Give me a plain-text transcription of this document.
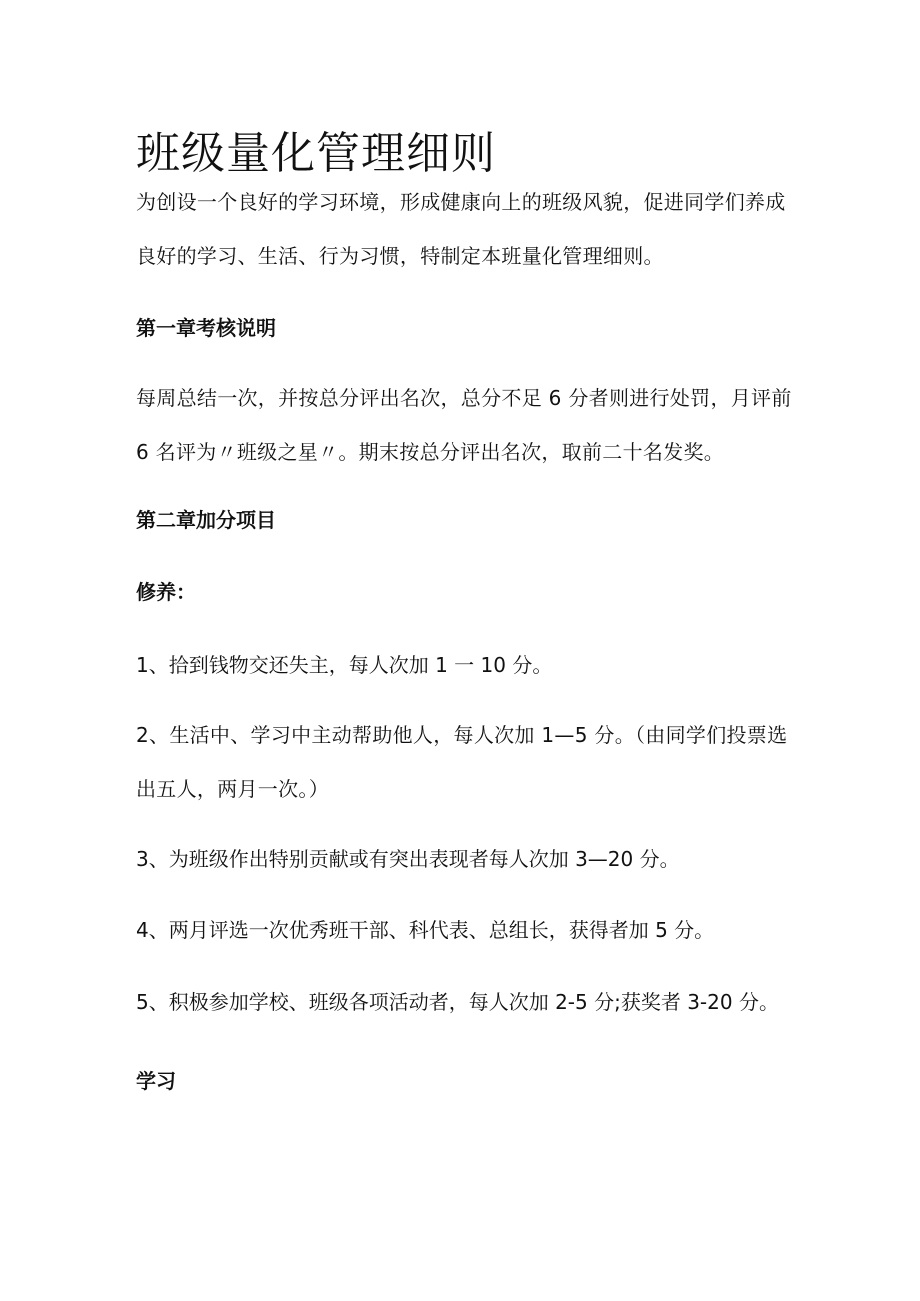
班级量化管理细则

为创设一个良好的学习环境，形成健康向上的班级风貌，促进同学们养成良好的学习、生活、行为习惯，特制定本班量化管理细则。

第一章考核说明

每周总结一次，并按总分评出名次，总分不足 6 分者则进行处罚，月评前 6 名评为〃班级之星〃。期末按总分评出名次，取前二十名发奖。

第二章加分项目
修养：

1、拾到钱物交还失主，每人次加 1 一 10 分。

2、生活中、学习中主动帮助他人，每人次加 1—5 分。（由同学们投票选出五人，两月一次。）

3、为班级作出特别贡献或有突出表现者每人次加 3—20 分。

4、两月评选一次优秀班干部、科代表、总组长，获得者加 5 分。

5、积极参加学校、班级各项活动者，每人次加 2-5 分;获奖者 3-20 分。

学习
